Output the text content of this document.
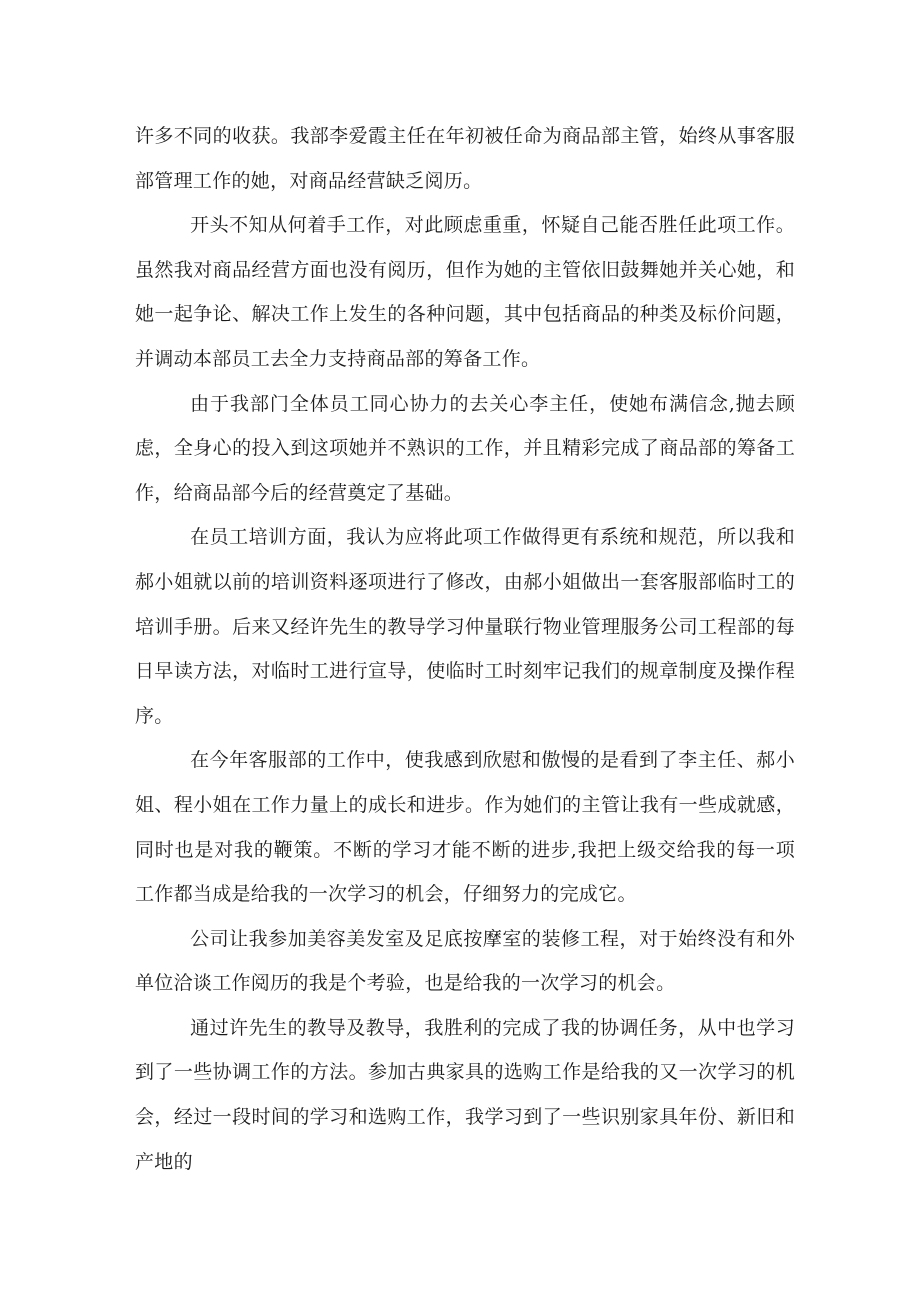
许多不同的收获。我部李爱霞主任在年初被任命为商品部主管，始终从事客服部管理工作的她，对商品经营缺乏阅历。

开头不知从何着手工作，对此顾虑重重，怀疑自己能否胜任此项工作。虽然我对商品经营方面也没有阅历，但作为她的主管依旧鼓舞她并关心她，和她一起争论、解决工作上发生的各种问题，其中包括商品的种类及标价问题，并调动本部员工去全力支持商品部的筹备工作。

由于我部门全体员工同心协力的去关心李主任，使她布满信念,抛去顾虑，全身心的投入到这项她并不熟识的工作，并且精彩完成了商品部的筹备工作，给商品部今后的经营奠定了基础。

在员工培训方面，我认为应将此项工作做得更有系统和规范，所以我和郝小姐就以前的培训资料逐项进行了修改，由郝小姐做出一套客服部临时工的培训手册。后来又经许先生的教导学习仲量联行物业管理服务公司工程部的每日早读方法，对临时工进行宣导，使临时工时刻牢记我们的规章制度及操作程序。

在今年客服部的工作中，使我感到欣慰和傲慢的是看到了李主任、郝小姐、程小姐在工作力量上的成长和进步。作为她们的主管让我有一些成就感，同时也是对我的鞭策。不断的学习才能不断的进步,我把上级交给我的每一项工作都当成是给我的一次学习的机会，仔细努力的完成它。

公司让我参加美容美发室及足底按摩室的装修工程，对于始终没有和外单位洽谈工作阅历的我是个考验，也是给我的一次学习的机会。

通过许先生的教导及教导，我胜利的完成了我的协调任务，从中也学习到了一些协调工作的方法。参加古典家具的选购工作是给我的又一次学习的机会，经过一段时间的学习和选购工作，我学习到了一些识别家具年份、新旧和产地的
